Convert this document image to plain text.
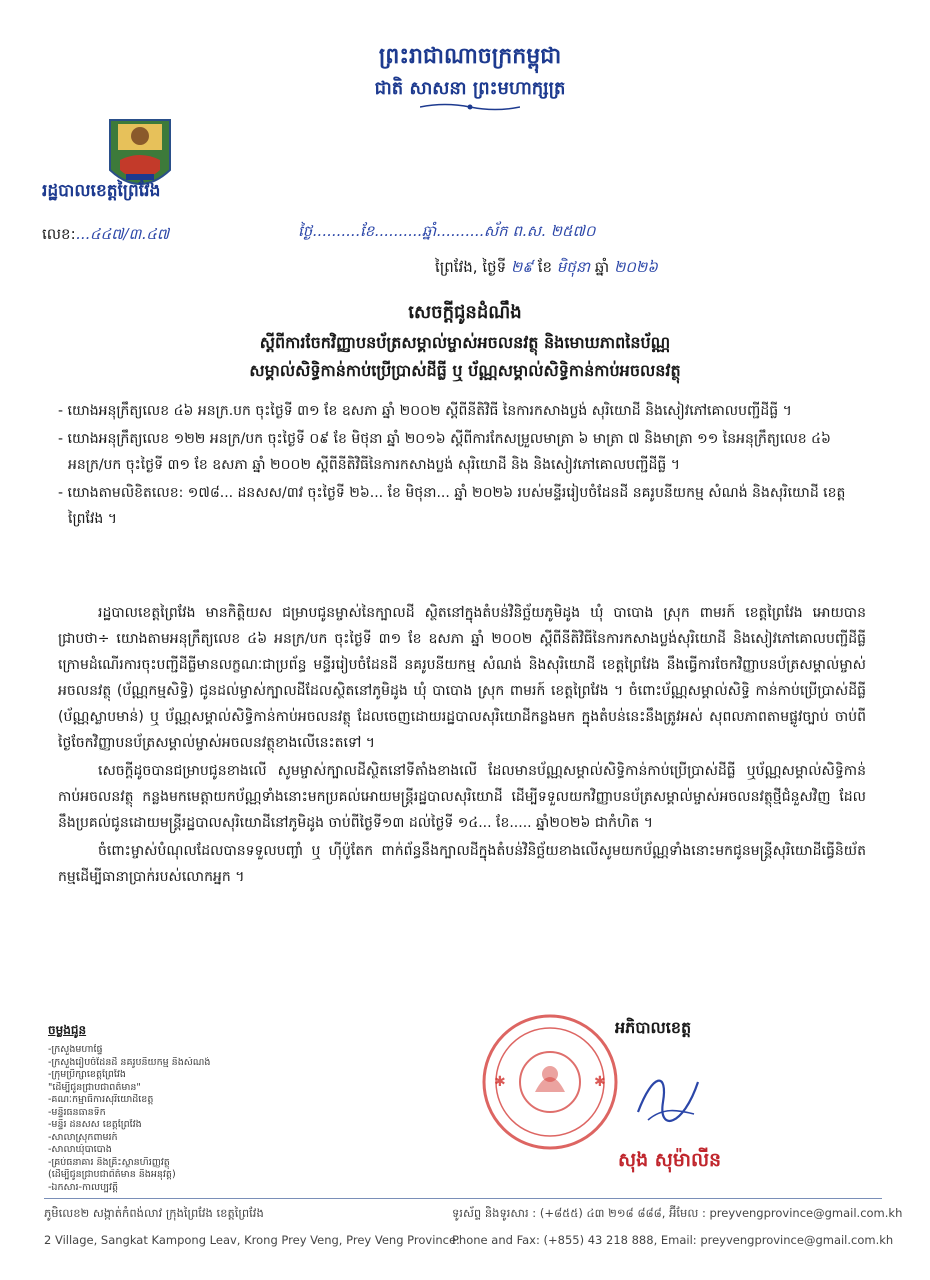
ព្រះរាជាណាចក្រកម្ពុជា
ជាតិ សាសនា ព្រះមហាក្សត្រ
រដ្ឋបាលខេត្តព្រៃវែង
លេខ:...៤៤៧/៣.៤៧	ថ្ងៃ..........ខែ..........ឆ្នាំ..........ស័ក ព.ស. ២៥៧០
ព្រៃវែង, ថ្ងៃទី ២៩ ខែ មិថុនា ឆ្នាំ ២០២៦
សេចក្តីជូនដំណឹង
ស្តីពីការចែកវិញ្ញាបនប័ត្រសម្គាល់ម្ចាស់អចលនវត្ថុ និងមោឃភាពនៃប័ណ្ណ
សម្គាល់សិទ្ធិកាន់កាប់ប្រើប្រាស់ដីធ្លី ឬ ប័ណ្ណសម្គាល់សិទ្ធិកាន់កាប់អចលនវត្ថុ

- យោងអនុក្រឹត្យលេខ ៤៦ អនក្រ.បក ចុះថ្ងៃទី ៣១ ខែ ឧសភា ឆ្នាំ ២០០២ ស្តីពីនីតិវិធី នៃការកសាងប្លង់ សុរិយោដី និងសៀវភៅគោលបញ្ជីដីធ្លី ។

- យោងអនុក្រឹត្យលេខ ១២២ អនក្រ/បក ចុះថ្ងៃទី ០៩ ខែ មិថុនា ឆ្នាំ ២០១៦ ស្តីពីការកែសម្រួលមាត្រា ៦ មាត្រា ៧ និងមាត្រា ១១ នៃអនុក្រឹត្យលេខ ៤៦ អនក្រ/បក ចុះថ្ងៃទី ៣១ ខែ ឧសភា ឆ្នាំ ២០០២ ស្តីពីនីតិវិធីនៃការកសាងប្លង់ សុរិយោដី និង និងសៀវភៅគោលបញ្ជីដីធ្លី ។

- យោងតាមលិខិតលេខ: ១៧៨... ដនសស/៣វ ចុះថ្ងៃទី ២៦... ខែ មិថុនា... ឆ្នាំ ២០២៦ របស់មន្ទីររៀបចំដែនដី នគរូបនីយកម្ម សំណង់ និងសុរិយោដី ខេត្តព្រៃវែង ។

រដ្ឋបាលខេត្តព្រៃវែង មានកិត្តិយស ជម្រាបជូនម្ចាស់នៃក្បាលដី ស្ថិតនៅក្នុងតំបន់វិនិច្ឆ័យភូមិដូង ឃុំ បាបោង ស្រុក ពាមរក៍ ខេត្តព្រៃវែង អោយបានជ្រាបថា÷ យោងតាមអនុក្រឹត្យលេខ ៤៦ អនក្រ/បក ចុះថ្ងៃទី ៣១ ខែ ឧសភា ឆ្នាំ ២០០២ ស្តីពីនីតិវិធីនៃការកសាងប្លង់សុរិយោដី និងសៀវភៅគោលបញ្ជីដីធ្លី ក្រោមដំណើរការចុះបញ្ជីដីធ្លីមានលក្ខណៈជាប្រព័ន្ធ មន្ទីររៀបចំដែនដី នគរូបនីយកម្ម សំណង់ និងសុរិយោដី ខេត្តព្រៃវែង នឹងធ្វើការចែកវិញ្ញាបនប័ត្រសម្គាល់ម្ចាស់អចលនវត្ថុ (ប័ណ្ណកម្មសិទ្ធិ) ជូនដល់ម្ចាស់ក្បាលដីដែលស្ថិតនៅភូមិដូង ឃុំ បាបោង ស្រុក ពាមរក៍ ខេត្តព្រៃវែង ។ ចំពោះប័ណ្ណសម្គាល់សិទ្ធិ កាន់កាប់ប្រើប្រាស់ដីធ្លី (ប័ណ្ណស្លាបមាន់) ឬ ប័ណ្ណសម្គាល់សិទ្ធិកាន់កាប់អចលនវត្ថុ ដែលចេញដោយរដ្ឋបាលសុរិយោដីកន្លងមក ក្នុងតំបន់នេះនឹងត្រូវអស់ សុពលភាពតាមផ្លូវច្បាប់ ចាប់ពីថ្ងៃចែកវិញ្ញាបនប័ត្រសម្គាល់ម្ចាស់អចលនវត្ថុខាងលើនេះតទៅ ។

សេចក្តីដូចបានជម្រាបជូនខាងលើ សូមម្ចាស់ក្បាលដីស្ថិតនៅទីតាំងខាងលើ ដែលមានប័ណ្ណសម្គាល់សិទ្ធិកាន់កាប់ប្រើប្រាស់ដីធ្លី ឬប័ណ្ណសម្គាល់សិទ្ធិកាន់កាប់អចលនវត្ថុ កន្លងមកមេត្តាយកប័ណ្ណទាំងនោះមកប្រគល់អោយមន្ត្រីរដ្ឋបាលសុរិយោដី ដើម្បីទទួលយកវិញ្ញាបនប័ត្រសម្គាល់ម្ចាស់អចលនវត្ថុថ្មីជំនួសវិញ ដែលនឹងប្រគល់ជូនដោយមន្ត្រីរដ្ឋបាលសុរិយោដីនៅភូមិដូង ចាប់ពីថ្ងៃទី១៣ ដល់ថ្ងៃទី ១៤... ខែ..... ឆ្នាំ២០២៦ ជាកំហិត ។

ចំពោះម្ចាស់បំណុលដែលបានទទួលបញ្ចាំ ឬ ហ៊ីប៉ូតែក ពាក់ព័ន្ធនឹងក្បាលដីក្នុងតំបន់វិនិច្ឆ័យខាងលើសូមយកប័ណ្ណទាំងនោះមកជូនមន្ត្រីសុរិយោដីធ្វើនិយ័តកម្មដើម្បីធានាប្រាក់របស់លោកអ្នក ។

ចម្លងជូន
-ក្រសួងមហាផ្ទៃ
-ក្រសួងរៀបចំដែនដី នគរូបនីយកម្ម និងសំណង់
-ក្រុមប្រឹក្សាខេត្តព្រៃវែង
"ដើម្បីជូនជ្រាបជាពត៌មាន"
-គណៈកម្មាធិការសុរិយោដីខេត្ត
-មន្ទីរធនធានទឹក
-មន្ទីរ ដនសស ខេត្តព្រៃវែង
-សាលាស្រុកពាមរក៍
-សាលាឃុំបាបោង
-គ្រប់ធនាគារ និងគ្រឹះស្ថានហិរញ្ញវត្ថុ
(ដើម្បីជូនជ្រាបជាព័ត៌មាន និងអនុវត្ត)
-ឯកសារ-កាលប្បវត្តិ
✱	✱
អភិបាលខេត្ត
សុង សុម៉ាលីន
ភូមិលេខ២ សង្កាត់កំពង់លាវ ក្រុងព្រៃវែង ខេត្តព្រៃវែង
2 Village, Sangkat Kampong Leav, Krong Prey Veng, Prey Veng Province.
ទូរស័ព្ទ និងទូរសារ : (+៨៥៥) ៤៣ ២១៨ ៨៨៨, អ៊ីមែល : preyvengprovince@gmail.com.kh
Phone and Fax: (+855) 43 218 888, Email: preyvengprovince@gmail.com.kh
